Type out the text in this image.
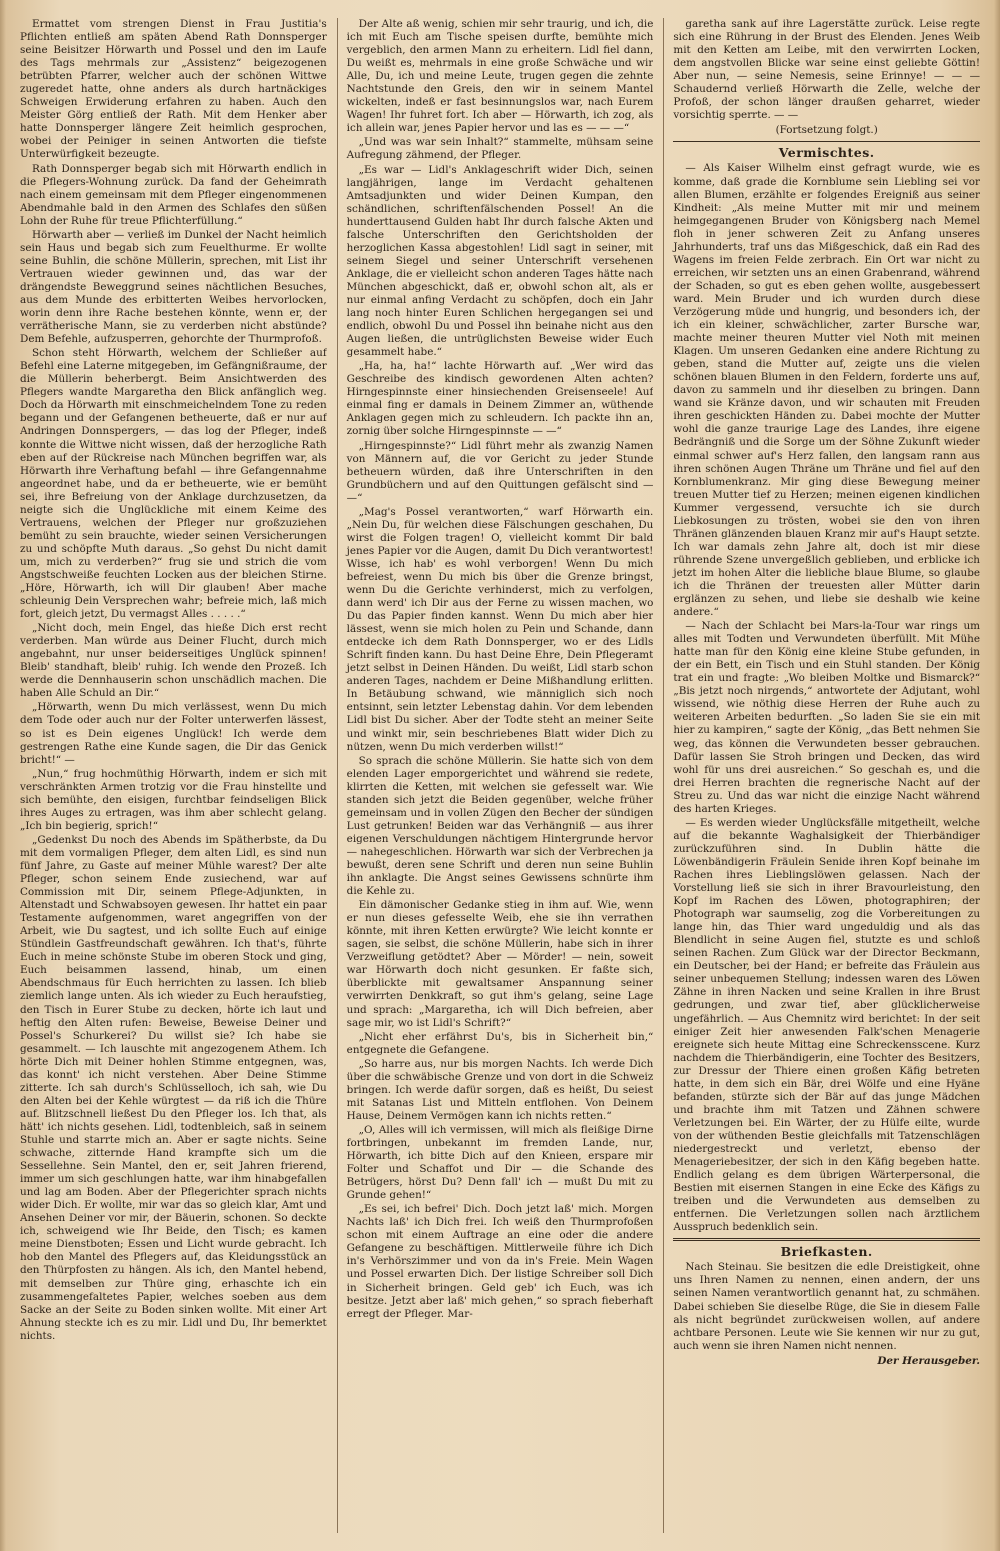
Ermattet vom strengen Dienst in Frau Justitia's Pflichten entließ am späten Abend Rath Donnsperger seine Beisitzer Hörwarth und Possel und den im Laufe des Tags mehrmals zur „Assistenz“ beigezogenen betrübten Pfarrer, welcher auch der schönen Wittwe zugeredet hatte, ohne anders als durch hartnäckiges Schweigen Erwiderung erfahren zu haben. Auch den Meister Görg entließ der Rath. Mit dem Henker aber hatte Donnsperger längere Zeit heimlich gesprochen, wobei der Peiniger in seinen Antworten die tiefste Unterwürfigkeit bezeugte.

Rath Donnsperger begab sich mit Hörwarth endlich in die Pflegers-Wohnung zurück. Da fand der Geheimrath nach einem gemeinsam mit dem Pfleger eingenommenen Abendmahle bald in den Armen des Schlafes den süßen Lohn der Ruhe für treue Pflichterfüllung.“

Hörwarth aber — verließ im Dunkel der Nacht heimlich sein Haus und begab sich zum Feuelthurme. Er wollte seine Buhlin, die schöne Müllerin, sprechen, mit List ihr Vertrauen wieder gewinnen und, das war der drängendste Beweggrund seines nächtlichen Besuches, aus dem Munde des erbitterten Weibes hervorlocken, worin denn ihre Rache bestehen könnte, wenn er, der verrätherische Mann, sie zu verderben nicht abstünde? Dem Befehle, aufzusperren, gehorchte der Thurmprofoß.

Schon steht Hörwarth, welchem der Schließer auf Befehl eine Laterne mitgegeben, im Gefängnißraume, der die Müllerin beherbergt. Beim Ansichtwerden des Pflegers wandte Margaretha den Blick anfänglich weg. Doch da Hörwarth mit einschmeichelndem Tone zu reden begann und der Gefangenen betheuerte, daß er nur auf Andringen Donnspergers, — das log der Pfleger, indeß konnte die Wittwe nicht wissen, daß der herzogliche Rath eben auf der Rückreise nach München begriffen war, als Hörwarth ihre Verhaftung befahl — ihre Gefangennahme angeordnet habe, und da er betheuerte, wie er bemüht sei, ihre Befreiung von der Anklage durchzusetzen, da neigte sich die Unglückliche mit einem Keime des Vertrauens, welchen der Pfleger nur großzuziehen bemüht zu sein brauchte, wieder seinen Versicherungen zu und schöpfte Muth daraus. „So gehst Du nicht damit um, mich zu verderben?“ frug sie und strich die vom Angstschweiße feuchten Locken aus der bleichen Stirne. „Höre, Hörwarth, ich will Dir glauben! Aber mache schleunig Dein Versprechen wahr; befreie mich, laß mich fort, gleich jetzt, Du vermagst Alles . . . . .“

„Nicht doch, mein Engel, das hieße Dich erst recht verderben. Man würde aus Deiner Flucht, durch mich angebahnt, nur unser beiderseitiges Unglück spinnen! Bleib' standhaft, bleib' ruhig. Ich wende den Prozeß. Ich werde die Dennhauserin schon unschädlich machen. Die haben Alle Schuld an Dir.“

„Hörwarth, wenn Du mich verlässest, wenn Du mich dem Tode oder auch nur der Folter unterwerfen lässest, so ist es Dein eigenes Unglück! Ich werde dem gestrengen Rathe eine Kunde sagen, die Dir das Genick bricht!“ —

„Nun,“ frug hochmüthig Hörwarth, indem er sich mit verschränkten Armen trotzig vor die Frau hinstellte und sich bemühte, den eisigen, furchtbar feindseligen Blick ihres Auges zu ertragen, was ihm aber schlecht gelang. „Ich bin begierig, sprich!“

„Gedenkst Du noch des Abends im Spätherbste, da Du mit dem vormaligen Pfleger, dem alten Lidl, es sind nun fünf Jahre, zu Gaste auf meiner Mühle warest? Der alte Pfleger, schon seinem Ende zusiechend, war auf Commission mit Dir, seinem Pflege-Adjunkten, in Altenstadt und Schwabsoyen gewesen. Ihr hattet ein paar Testamente aufgenommen, waret angegriffen von der Arbeit, wie Du sagtest, und ich sollte Euch auf einige Stündlein Gastfreundschaft gewähren. Ich that's, führte Euch in meine schönste Stube im oberen Stock und ging, Euch beisammen lassend, hinab, um einen Abendschmaus für Euch herrichten zu lassen. Ich blieb ziemlich lange unten. Als ich wieder zu Euch heraufstieg, den Tisch in Eurer Stube zu decken, hörte ich laut und heftig den Alten rufen: Beweise, Beweise Deiner und Possel's Schurkerei? Du willst sie? Ich habe sie gesammelt. — Ich lauschte mit angezogenem Athem. Ich hörte Dich mit Deiner hohlen Stimme entgegnen, was, das konnt' ich nicht verstehen. Aber Deine Stimme zitterte. Ich sah durch's Schlüsselloch, ich sah, wie Du den Alten bei der Kehle würgtest — da riß ich die Thüre auf. Blitzschnell ließest Du den Pfleger los. Ich that, als hätt' ich nichts gesehen. Lidl, todtenbleich, saß in seinem Stuhle und starrte mich an. Aber er sagte nichts. Seine schwache, zitternde Hand krampfte sich um die Sessellehne. Sein Mantel, den er, seit Jahren frierend, immer um sich geschlungen hatte, war ihm hinabgefallen und lag am Boden. Aber der Pflegerichter sprach nichts wider Dich. Er wollte, mir war das so gleich klar, Amt und Ansehen Deiner vor mir, der Bäuerin, schonen. So deckte ich, schweigend wie Ihr Beide, den Tisch; es kamen meine Dienstboten; Essen und Licht wurde gebracht. Ich hob den Mantel des Pflegers auf, das Kleidungsstück an den Thürpfosten zu hängen. Als ich, den Mantel hebend, mit demselben zur Thüre ging, erhaschte ich ein zusammengefaltetes Papier, welches soeben aus dem Sacke an der Seite zu Boden sinken wollte. Mit einer Art Ahnung steckte ich es zu mir. Lidl und Du, Ihr bemerktet nichts.

Der Alte aß wenig, schien mir sehr traurig, und ich, die ich mit Euch am Tische speisen durfte, bemühte mich vergeblich, den armen Mann zu erheitern. Lidl fiel dann, Du weißt es, mehrmals in eine große Schwäche und wir Alle, Du, ich und meine Leute, trugen gegen die zehnte Nachtstunde den Greis, den wir in seinem Mantel wickelten, indeß er fast besinnungslos war, nach Eurem Wagen! Ihr fuhret fort. Ich aber — Hörwarth, ich zog, als ich allein war, jenes Papier hervor und las es — — —“

„Und was war sein Inhalt?“ stammelte, mühsam seine Aufregung zähmend, der Pfleger.

„Es war — Lidl's Anklageschrift wider Dich, seinen langjährigen, lange im Verdacht gehaltenen Amtsadjunkten und wider Deinen Kumpan, den schändlichen, schriftenfälschenden Possel! An die hunderttausend Gulden habt Ihr durch falsche Akten und falsche Unterschriften den Gerichtsholden der herzoglichen Kassa abgestohlen! Lidl sagt in seiner, mit seinem Siegel und seiner Unterschrift versehenen Anklage, die er vielleicht schon anderen Tages hätte nach München abgeschickt, daß er, obwohl schon alt, als er nur einmal anfing Verdacht zu schöpfen, doch ein Jahr lang noch hinter Euren Schlichen hergegangen sei und endlich, obwohl Du und Possel ihn beinahe nicht aus den Augen ließen, die untrüglichsten Beweise wider Euch gesammelt habe.“

„Ha, ha, ha!“ lachte Hörwarth auf. „Wer wird das Geschreibe des kindisch gewordenen Alten achten? Hirngespinnste einer hinsiechenden Greisenseele! Auf einmal fing er damals in Deinem Zimmer an, wüthende Anklagen gegen mich zu schleudern. Ich packte ihn an, zornig über solche Hirngespinnste — —“

„Hirngespinnste?“ Lidl führt mehr als zwanzig Namen von Männern auf, die vor Gericht zu jeder Stunde betheuern würden, daß ihre Unterschriften in den Grundbüchern und auf den Quittungen gefälscht sind — —“

„Mag's Possel verantworten,“ warf Hörwarth ein. „Nein Du, für welchen diese Fälschungen geschahen, Du wirst die Folgen tragen! O, vielleicht kommt Dir bald jenes Papier vor die Augen, damit Du Dich verantwortest! Wisse, ich hab' es wohl verborgen! Wenn Du mich befreiest, wenn Du mich bis über die Grenze bringst, wenn Du die Gerichte verhinderst, mich zu verfolgen, dann werd' ich Dir aus der Ferne zu wissen machen, wo Du das Papier finden kannst. Wenn Du mich aber hier lässest, wenn sie mich holen zu Pein und Schande, dann entdecke ich dem Rath Donnsperger, wo er des Lidls Schrift finden kann. Du hast Deine Ehre, Dein Pflegeramt jetzt selbst in Deinen Händen. Du weißt, Lidl starb schon anderen Tages, nachdem er Deine Mißhandlung erlitten. In Betäubung schwand, wie männiglich sich noch entsinnt, sein letzter Lebenstag dahin. Vor dem lebenden Lidl bist Du sicher. Aber der Todte steht an meiner Seite und winkt mir, sein beschriebenes Blatt wider Dich zu nützen, wenn Du mich verderben willst!“

So sprach die schöne Müllerin. Sie hatte sich von dem elenden Lager emporgerichtet und während sie redete, klirrten die Ketten, mit welchen sie gefesselt war. Wie standen sich jetzt die Beiden gegenüber, welche früher gemeinsam und in vollen Zügen den Becher der sündigen Lust getrunken! Beiden war das Verhängniß — aus ihrer eigenen Verschuldungen nächtigem Hintergrunde hervor — nahegeschlichen. Hörwarth war sich der Verbrechen ja bewußt, deren sene Schrift und deren nun seine Buhlin ihn anklagte. Die Angst seines Gewissens schnürte ihm die Kehle zu.

Ein dämonischer Gedanke stieg in ihm auf. Wie, wenn er nun dieses gefesselte Weib, ehe sie ihn verrathen könnte, mit ihren Ketten erwürgte? Wie leicht konnte er sagen, sie selbst, die schöne Müllerin, habe sich in ihrer Verzweiflung getödtet? Aber — Mörder! — nein, soweit war Hörwarth doch nicht gesunken. Er faßte sich, überblickte mit gewaltsamer Anspannung seiner verwirrten Denkkraft, so gut ihm's gelang, seine Lage und sprach: „Margaretha, ich will Dich befreien, aber sage mir, wo ist Lidl's Schrift?“

„Nicht eher erfährst Du's, bis in Sicherheit bin,“ entgegnete die Gefangene.

„So harre aus, nur bis morgen Nachts. Ich werde Dich über die schwäbische Grenze und von dort in die Schweiz bringen. Ich werde dafür sorgen, daß es heißt, Du seiest mit Satanas List und Mitteln entflohen. Von Deinem Hause, Deinem Vermögen kann ich nichts retten.“

„O, Alles will ich vermissen, will mich als fleißige Dirne fortbringen, unbekannt im fremden Lande, nur, Hörwarth, ich bitte Dich auf den Knieen, erspare mir Folter und Schaffot und Dir — die Schande des Betrügers, hörst Du? Denn fall' ich — mußt Du mit zu Grunde gehen!“

„Es sei, ich befrei' Dich. Doch jetzt laß' mich. Morgen Nachts laß' ich Dich frei. Ich weiß den Thurmprofoßen schon mit einem Auftrage an eine oder die andere Gefangene zu beschäftigen. Mittlerweile führe ich Dich in's Verhörszimmer und von da in's Freie. Mein Wagen und Possel erwarten Dich. Der listige Schreiber soll Dich in Sicherheit bringen. Geld geb' ich Euch, was ich besitze. Jetzt aber laß' mich gehen,“ so sprach fieberhaft erregt der Pfleger. Mar-

garetha sank auf ihre Lagerstätte zurück. Leise regte sich eine Rührung in der Brust des Elenden. Jenes Weib mit den Ketten am Leibe, mit den verwirrten Locken, dem angstvollen Blicke war seine einst geliebte Göttin! Aber nun, — seine Nemesis, seine Erinnye! — — — Schaudernd verließ Hörwarth die Zelle, welche der Profoß, der schon länger draußen geharret, wieder vorsichtig sperrte. — —

(Fortsetzung folgt.)
Vermischtes.

— Als Kaiser Wilhelm einst gefragt wurde, wie es komme, daß grade die Kornblume sein Liebling sei vor allen Blumen, erzählte er folgendes Ereigniß aus seiner Kindheit: „Als meine Mutter mit mir und meinem heimgegangenen Bruder von Königsberg nach Memel floh in jener schweren Zeit zu Anfang unseres Jahrhunderts, traf uns das Mißgeschick, daß ein Rad des Wagens im freien Felde zerbrach. Ein Ort war nicht zu erreichen, wir setzten uns an einen Grabenrand, während der Schaden, so gut es eben gehen wollte, ausgebessert ward. Mein Bruder und ich wurden durch diese Verzögerung müde und hungrig, und besonders ich, der ich ein kleiner, schwächlicher, zarter Bursche war, machte meiner theuren Mutter viel Noth mit meinen Klagen. Um unseren Gedanken eine andere Richtung zu geben, stand die Mutter auf, zeigte uns die vielen schönen blauen Blumen in den Feldern, forderte uns auf, davon zu sammeln und ihr dieselben zu bringen. Dann wand sie Kränze davon, und wir schauten mit Freuden ihren geschickten Händen zu. Dabei mochte der Mutter wohl die ganze traurige Lage des Landes, ihre eigene Bedrängniß und die Sorge um der Söhne Zukunft wieder einmal schwer auf's Herz fallen, den langsam rann aus ihren schönen Augen Thräne um Thräne und fiel auf den Kornblumenkranz. Mir ging diese Bewegung meiner treuen Mutter tief zu Herzen; meinen eigenen kindlichen Kummer vergessend, versuchte ich sie durch Liebkosungen zu trösten, wobei sie den von ihren Thränen glänzenden blauen Kranz mir auf's Haupt setzte. Ich war damals zehn Jahre alt, doch ist mir diese rührende Szene unvergeßlich geblieben, und erblicke ich jetzt im hohen Alter die liebliche blaue Blume, so glaube ich die Thränen der treuesten aller Mütter darin erglänzen zu sehen, und liebe sie deshalb wie keine andere.“

— Nach der Schlacht bei Mars-la-Tour war rings um alles mit Todten und Verwundeten überfüllt. Mit Mühe hatte man für den König eine kleine Stube gefunden, in der ein Bett, ein Tisch und ein Stuhl standen. Der König trat ein und fragte: „Wo bleiben Moltke und Bismarck?“ „Bis jetzt noch nirgends,“ antwortete der Adjutant, wohl wissend, wie nöthig diese Herren der Ruhe auch zu weiteren Arbeiten bedurften. „So laden Sie sie ein mit hier zu kampiren,“ sagte der König, „das Bett nehmen Sie weg, das können die Verwundeten besser gebrauchen. Dafür lassen Sie Stroh bringen und Decken, das wird wohl für uns drei ausreichen.“ So geschah es, und die drei Herren brachten die regnerische Nacht auf der Streu zu. Und das war nicht die einzige Nacht während des harten Krieges.

— Es werden wieder Unglücksfälle mitgetheilt, welche auf die bekannte Waghalsigkeit der Thierbändiger zurückzuführen sind. In Dublin hätte die Löwenbändigerin Fräulein Senide ihren Kopf beinahe im Rachen ihres Lieblingslöwen gelassen. Nach der Vorstellung ließ sie sich in ihrer Bravourleistung, den Kopf im Rachen des Löwen, photographiren; der Photograph war saumselig, zog die Vorbereitungen zu lange hin, das Thier ward ungeduldig und als das Blendlicht in seine Augen fiel, stutzte es und schloß seinen Rachen. Zum Glück war der Director Beckmann, ein Deutscher, bei der Hand; er befreite das Fräulein aus seiner unbequemen Stellung; indessen waren des Löwen Zähne in ihren Nacken und seine Krallen in ihre Brust gedrungen, und zwar tief, aber glücklicherweise ungefährlich. — Aus Chemnitz wird berichtet: In der seit einiger Zeit hier anwesenden Falk'schen Menagerie ereignete sich heute Mittag eine Schreckensscene. Kurz nachdem die Thierbändigerin, eine Tochter des Besitzers, zur Dressur der Thiere einen großen Käfig betreten hatte, in dem sich ein Bär, drei Wölfe und eine Hyäne befanden, stürzte sich der Bär auf das junge Mädchen und brachte ihm mit Tatzen und Zähnen schwere Verletzungen bei. Ein Wärter, der zu Hülfe eilte, wurde von der wüthenden Bestie gleichfalls mit Tatzenschlägen niedergestreckt und verletzt, ebenso der Menageriebesitzer, der sich in den Käfig begeben hatte. Endlich gelang es dem übrigen Wärterpersonal, die Bestien mit eisernen Stangen in eine Ecke des Käfigs zu treiben und die Verwundeten aus demselben zu entfernen. Die Verletzungen sollen nach ärztlichem Ausspruch bedenklich sein.

Briefkasten.

Nach Steinau. Sie besitzen die edle Dreistigkeit, ohne uns Ihren Namen zu nennen, einen andern, der uns seinen Namen verantwortlich genannt hat, zu schmähen. Dabei schieben Sie dieselbe Rüge, die Sie in diesem Falle als nicht begründet zurückweisen wollen, auf andere achtbare Personen. Leute wie Sie kennen wir nur zu gut, auch wenn sie ihren Namen nicht nennen.

Der Herausgeber.
